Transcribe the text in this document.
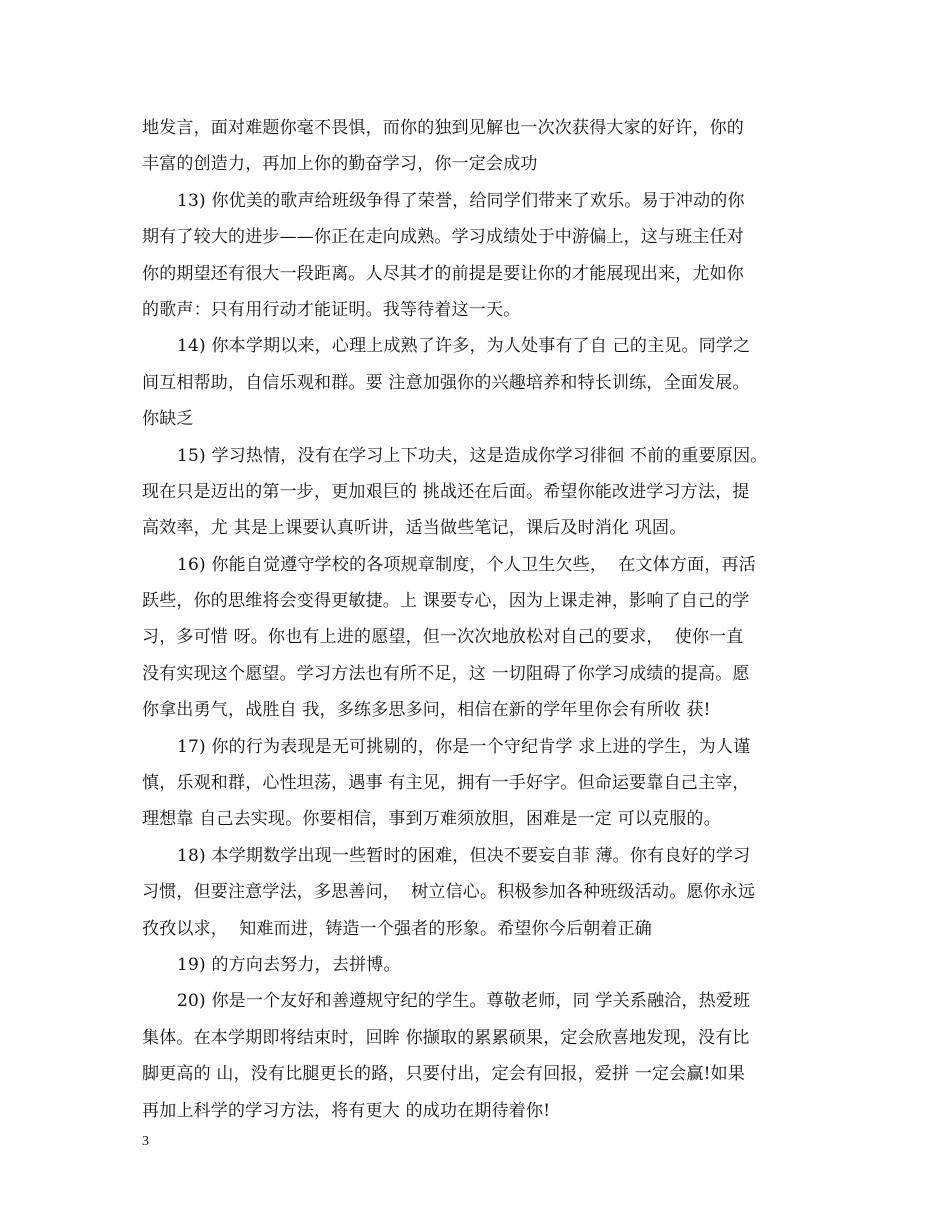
地发言，面对难题你毫不畏惧，而你的独到见解也一次次获得大家的好许，你的
丰富的创造力，再加上你的勤奋学习，你一定会成功
13) 你优美的歌声给班级争得了荣誉，给同学们带来了欢乐。易于冲动的你
期有了较大的进步——你正在走向成熟。学习成绩处于中游偏上，这与班主任对
你的期望还有很大一段距离。人尽其才的前提是要让你的才能展现出来，尤如你
的歌声：只有用行动才能证明。我等待着这一天。
14) 你本学期以来，心理上成熟了许多，为人处事有了自 己的主见。同学之
间互相帮助，自信乐观和群。要 注意加强你的兴趣培养和特长训练，全面发展。
你缺乏
15) 学习热情，没有在学习上下功夫，这是造成你学习徘徊 不前的重要原因。
现在只是迈出的第一步，更加艰巨的 挑战还在后面。希望你能改进学习方法，提
高效率，尤 其是上课要认真听讲，适当做些笔记，课后及时消化 巩固。
16) 你能自觉遵守学校的各项规章制度，个人卫生欠些，  在文体方面，再活
跃些，你的思维将会变得更敏捷。上 课要专心，因为上课走神，影响了自己的学
习，多可惜 呀。你也有上进的愿望，但一次次地放松对自己的要求，  使你一直
没有实现这个愿望。学习方法也有所不足，这 一切阻碍了你学习成绩的提高。愿
你拿出勇气，战胜自 我，多练多思多问，相信在新的学年里你会有所收 获!
17) 你的行为表现是无可挑剔的，你是一个守纪肯学 求上进的学生，为人谨
慎，乐观和群，心性坦荡，遇事 有主见，拥有一手好字。但命运要靠自己主宰，
理想靠 自己去实现。你要相信，事到万难须放胆，困难是一定 可以克服的。
18) 本学期数学出现一些暂时的困难，但决不要妄自菲 薄。你有良好的学习
习惯，但要注意学法，多思善问，  树立信心。积极参加各种班级活动。愿你永远
孜孜以求，  知难而进，铸造一个强者的形象。希望你今后朝着正确
19) 的方向去努力，去拼博。
20) 你是一个友好和善遵规守纪的学生。尊敬老师，同 学关系融洽，热爱班
集体。在本学期即将结束时，回眸 你撷取的累累硕果，定会欣喜地发现，没有比
脚更高的 山，没有比腿更长的路，只要付出，定会有回报，爱拼 一定会赢!如果
再加上科学的学习方法，将有更大 的成功在期待着你!
3
